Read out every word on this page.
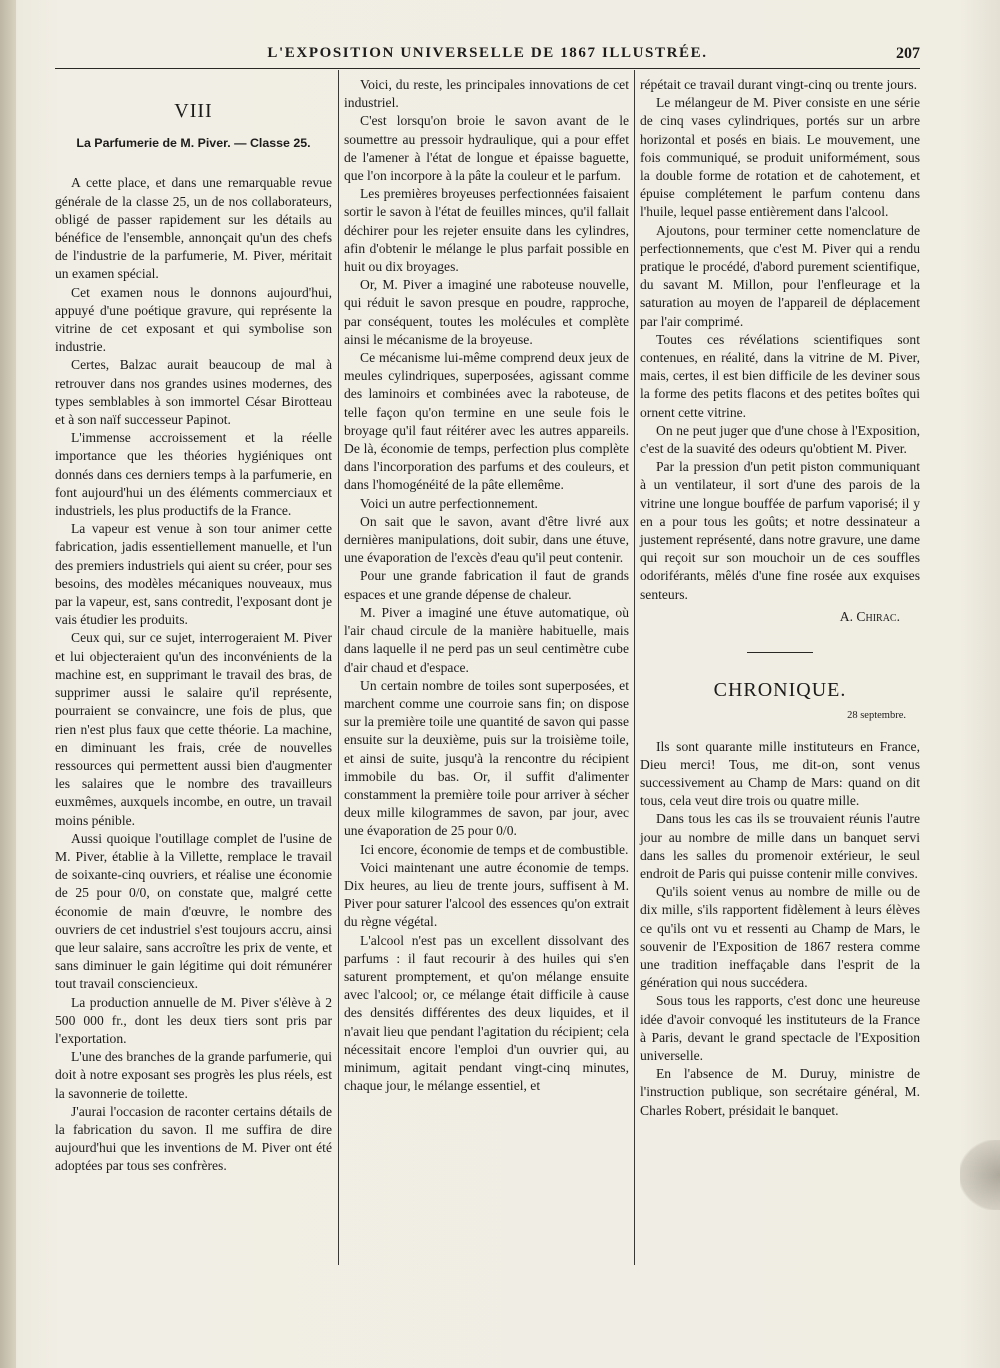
L'EXPOSITION UNIVERSELLE DE 1867 ILLUSTRÉE.	207
VIII
La Parfumerie de M. Piver. — Classe 25.

A cette place, et dans une remarquable revue générale de la classe 25, un de nos collaborateurs, obligé de passer rapidement sur les détails au bénéfice de l'ensemble, annonçait qu'un des chefs de l'industrie de la parfumerie, M. Piver, méritait un examen spécial.

Cet examen nous le donnons aujourd'hui, appuyé d'une poétique gravure, qui représente la vitrine de cet exposant et qui symbolise son industrie.

Certes, Balzac aurait beaucoup de mal à retrouver dans nos grandes usines modernes, des types semblables à son immortel César Birotteau et à son naïf successeur Papinot.

L'immense accroissement et la réelle importance que les théories hygiéniques ont donnés dans ces derniers temps à la parfumerie, en font aujourd'hui un des éléments commerciaux et industriels, les plus productifs de la France.

La vapeur est venue à son tour animer cette fabrication, jadis essentiellement manuelle, et l'un des premiers industriels qui aient su créer, pour ses besoins, des modèles mécaniques nouveaux, mus par la vapeur, est, sans contredit, l'exposant dont je vais étudier les produits.

Ceux qui, sur ce sujet, interrogeraient M. Piver et lui objecteraient qu'un des inconvénients de la machine est, en supprimant le travail des bras, de supprimer aussi le salaire qu'il représente, pourraient se convaincre, une fois de plus, que rien n'est plus faux que cette théorie. La machine, en diminuant les frais, crée de nouvelles ressources qui permettent aussi bien d'augmenter les salaires que le nombre des travailleurs euxmêmes, auxquels incombe, en outre, un travail moins pénible.

Aussi quoique l'outillage complet de l'usine de M. Piver, établie à la Villette, remplace le travail de soixante-cinq ouvriers, et réalise une économie de 25 pour 0/0, on constate que, malgré cette économie de main d'œuvre, le nombre des ouvriers de cet industriel s'est toujours accru, ainsi que leur salaire, sans accroître les prix de vente, et sans diminuer le gain légitime qui doit rémunérer tout travail consciencieux.

La production annuelle de M. Piver s'élève à 2 500 000 fr., dont les deux tiers sont pris par l'exportation.

L'une des branches de la grande parfumerie, qui doit à notre exposant ses progrès les plus réels, est la savonnerie de toilette.

J'aurai l'occasion de raconter certains détails de la fabrication du savon. Il me suffira de dire aujourd'hui que les inventions de M. Piver ont été adoptées par tous ses confrères.

Voici, du reste, les principales innovations de cet industriel.

C'est lorsqu'on broie le savon avant de le soumettre au pressoir hydraulique, qui a pour effet de l'amener à l'état de longue et épaisse baguette, que l'on incorpore à la pâte la couleur et le parfum.

Les premières broyeuses perfectionnées faisaient sortir le savon à l'état de feuilles minces, qu'il fallait déchirer pour les rejeter ensuite dans les cylindres, afin d'obtenir le mélange le plus parfait possible en huit ou dix broyages.

Or, M. Piver a imaginé une raboteuse nouvelle, qui réduit le savon presque en poudre, rapproche, par conséquent, toutes les molécules et complète ainsi le mécanisme de la broyeuse.

Ce mécanisme lui-même comprend deux jeux de meules cylindriques, superposées, agissant comme des laminoirs et combinées avec la raboteuse, de telle façon qu'on termine en une seule fois le broyage qu'il faut réitérer avec les autres appareils. De là, économie de temps, perfection plus complète dans l'incorporation des parfums et des couleurs, et dans l'homogénéité de la pâte ellemême.

Voici un autre perfectionnement.

On sait que le savon, avant d'être livré aux dernières manipulations, doit subir, dans une étuve, une évaporation de l'excès d'eau qu'il peut contenir.

Pour une grande fabrication il faut de grands espaces et une grande dépense de chaleur.

M. Piver a imaginé une étuve automatique, où l'air chaud circule de la manière habituelle, mais dans laquelle il ne perd pas un seul centimètre cube d'air chaud et d'espace.

Un certain nombre de toiles sont superposées, et marchent comme une courroie sans fin; on dispose sur la première toile une quantité de savon qui passe ensuite sur la deuxième, puis sur la troisième toile, et ainsi de suite, jusqu'à la rencontre du récipient immobile du bas. Or, il suffit d'alimenter constamment la première toile pour arriver à sécher deux mille kilogrammes de savon, par jour, avec une évaporation de 25 pour 0/0.

Ici encore, économie de temps et de combustible.

Voici maintenant une autre économie de temps. Dix heures, au lieu de trente jours, suffisent à M. Piver pour saturer l'alcool des essences qu'on extrait du règne végétal.

L'alcool n'est pas un excellent dissolvant des parfums : il faut recourir à des huiles qui s'en saturent promptement, et qu'on mélange ensuite avec l'alcool; or, ce mélange était difficile à cause des densités différentes des deux liquides, et il n'avait lieu que pendant l'agitation du récipient; cela nécessitait encore l'emploi d'un ouvrier qui, au minimum, agitait pendant vingt-cinq minutes, chaque jour, le mélange essentiel, et

répétait ce travail durant vingt-cinq ou trente jours.

Le mélangeur de M. Piver consiste en une série de cinq vases cylindriques, portés sur un arbre horizontal et posés en biais. Le mouvement, une fois communiqué, se produit uniformément, sous la double forme de rotation et de cahotement, et épuise complétement le parfum contenu dans l'huile, lequel passe entièrement dans l'alcool.

Ajoutons, pour terminer cette nomenclature de perfectionnements, que c'est M. Piver qui a rendu pratique le procédé, d'abord purement scientifique, du savant M. Millon, pour l'enfleurage et la saturation au moyen de l'appareil de déplacement par l'air comprimé.

Toutes ces révélations scientifiques sont contenues, en réalité, dans la vitrine de M. Piver, mais, certes, il est bien difficile de les deviner sous la forme des petits flacons et des petites boîtes qui ornent cette vitrine.

On ne peut juger que d'une chose à l'Exposition, c'est de la suavité des odeurs qu'obtient M. Piver.

Par la pression d'un petit piston communiquant à un ventilateur, il sort d'une des parois de la vitrine une longue bouffée de parfum vaporisé; il y en a pour tous les goûts; et notre dessinateur a justement représenté, dans notre gravure, une dame qui reçoit sur son mouchoir un de ces souffles odoriférants, mêlés d'une fine rosée aux exquises senteurs.

A. Chirac.
CHRONIQUE.
28 septembre.

Ils sont quarante mille instituteurs en France, Dieu merci! Tous, me dit-on, sont venus successivement au Champ de Mars: quand on dit tous, cela veut dire trois ou quatre mille.

Dans tous les cas ils se trouvaient réunis l'autre jour au nombre de mille dans un banquet servi dans les salles du promenoir extérieur, le seul endroit de Paris qui puisse contenir mille convives.

Qu'ils soient venus au nombre de mille ou de dix mille, s'ils rapportent fidèlement à leurs élèves ce qu'ils ont vu et ressenti au Champ de Mars, le souvenir de l'Exposition de 1867 restera comme une tradition ineffaçable dans l'esprit de la génération qui nous succédera.

Sous tous les rapports, c'est donc une heureuse idée d'avoir convoqué les instituteurs de la France à Paris, devant le grand spectacle de l'Exposition universelle.

En l'absence de M. Duruy, ministre de l'instruction publique, son secrétaire général, M. Charles Robert, présidait le banquet.
